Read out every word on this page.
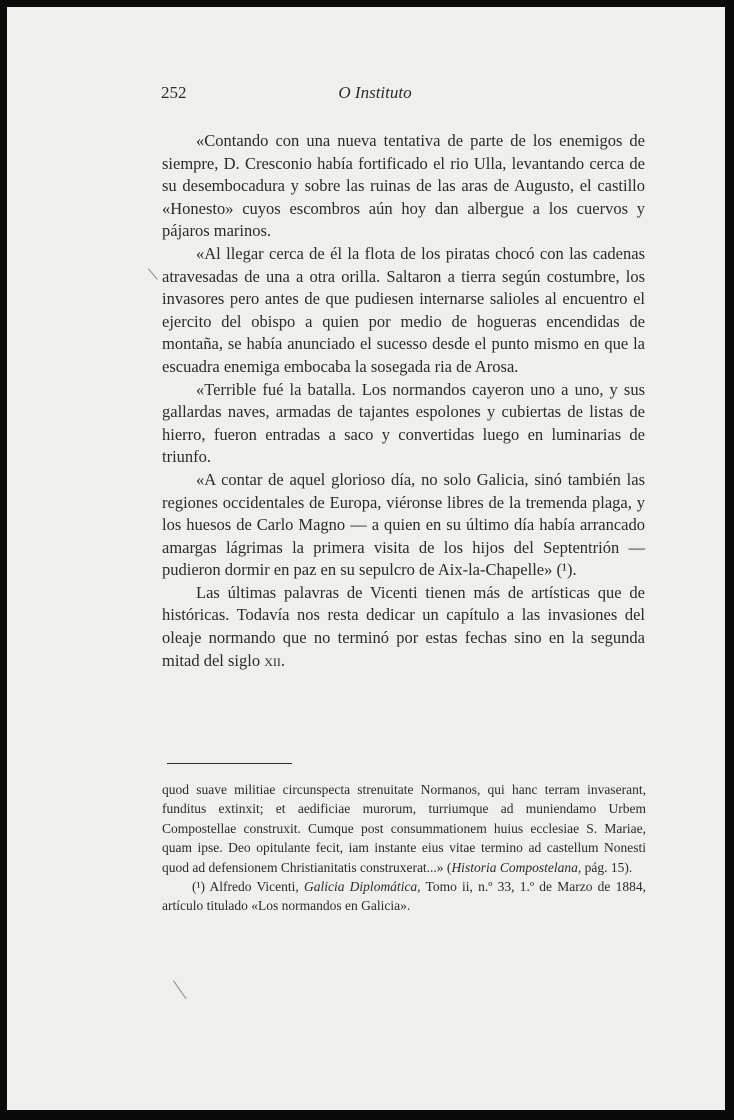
252	O Instituto

«Contando con una nueva tentativa de parte de los enemigos de siempre, D. Cresconio había fortificado el rio Ulla, levantando cerca de su desembocadura y sobre las ruinas de las aras de Augusto, el castillo «Honesto» cuyos escombros aún hoy dan albergue a los cuervos y pájaros marinos.

«Al llegar cerca de él la flota de los piratas chocó con las cadenas atravesadas de una a otra orilla. Saltaron a tierra según costumbre, los invasores pero antes de que pudiesen internarse salioles al encuentro el ejercito del obispo a quien por medio de hogueras encendidas de montaña, se había anunciado el sucesso desde el punto mismo en que la escuadra enemiga embocaba la sosegada ria de Arosa.

«Terrible fué la batalla. Los normandos cayeron uno a uno, y sus gallardas naves, armadas de tajantes espolones y cubiertas de listas de hierro, fueron entradas a saco y convertidas luego en luminarias de triunfo.

«A contar de aquel glorioso día, no solo Galicia, sinó también las regiones occidentales de Europa, viéronse libres de la tremenda plaga, y los huesos de Carlo Magno — a quien en su último día había arrancado amargas lágrimas la primera visita de los hijos del Septentrión — pudieron dormir en paz en su sepulcro de Aix-la-Chapelle» (¹).

Las últimas palavras de Vicenti tienen más de artísticas que de históricas. Todavía nos resta dedicar un capítulo a las invasiones del oleaje normando que no terminó por estas fechas sino en la segunda mitad del siglo xii.

quod suave militiae circunspecta strenuitate Normanos, qui hanc terram invaserant, funditus extinxit; et aedificiae murorum, turriumque ad muniendamo Urbem Compostellae construxit. Cumque post consummationem huius ecclesiae S. Mariae, quam ipse. Deo opitulante fecit, iam instante eius vitae termino ad castellum Nonesti quod ad defensionem Christianitatis construxerat...» (Historia Compostelana, pág. 15).

(¹) Alfredo Vicenti, Galicia Diplomática, Tomo ii, n.º 33, 1.º de Marzo de 1884, artículo titulado «Los normandos en Galicia».
